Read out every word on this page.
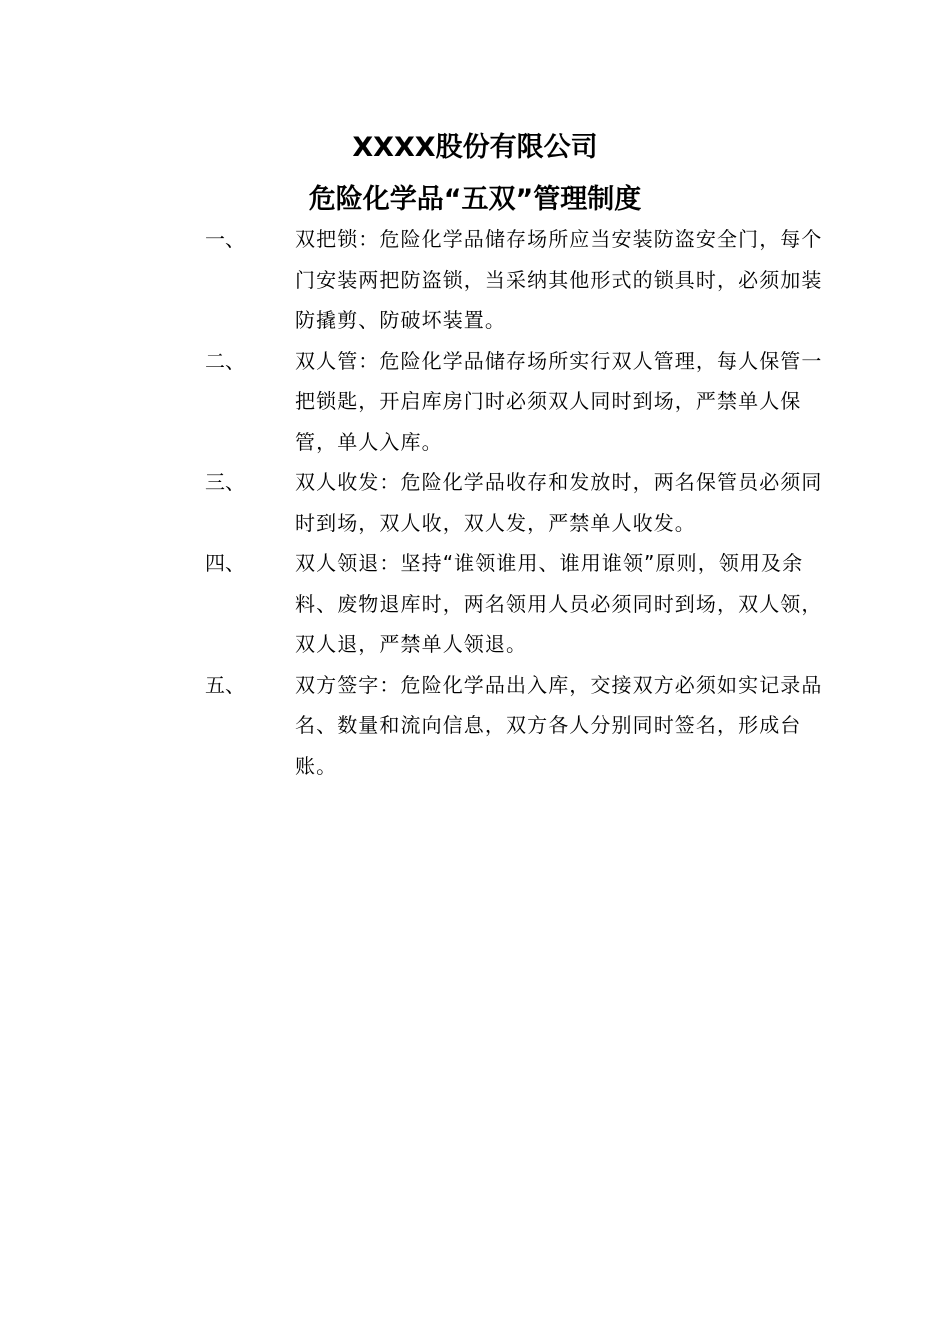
XXXX股份有限公司
危险化学品“五双”管理制度
一、	双把锁：危险化学品储存场所应当安装防盗安全门，每个门安装两把防盗锁，当采纳其他形式的锁具时，必须加装防撬剪、防破坏装置。
二、	双人管：危险化学品储存场所实行双人管理，每人保管一把锁匙，开启库房门时必须双人同时到场，严禁单人保管，单人入库。
三、	双人收发：危险化学品收存和发放时，两名保管员必须同时到场，双人收，双人发，严禁单人收发。
四、	双人领退：坚持“谁领谁用、谁用谁领”原则，领用及余料、废物退库时，两名领用人员必须同时到场，双人领，双人退，严禁单人领退。
五、	双方签字：危险化学品出入库，交接双方必须如实记录品名、数量和流向信息，双方各人分别同时签名，形成台账。
